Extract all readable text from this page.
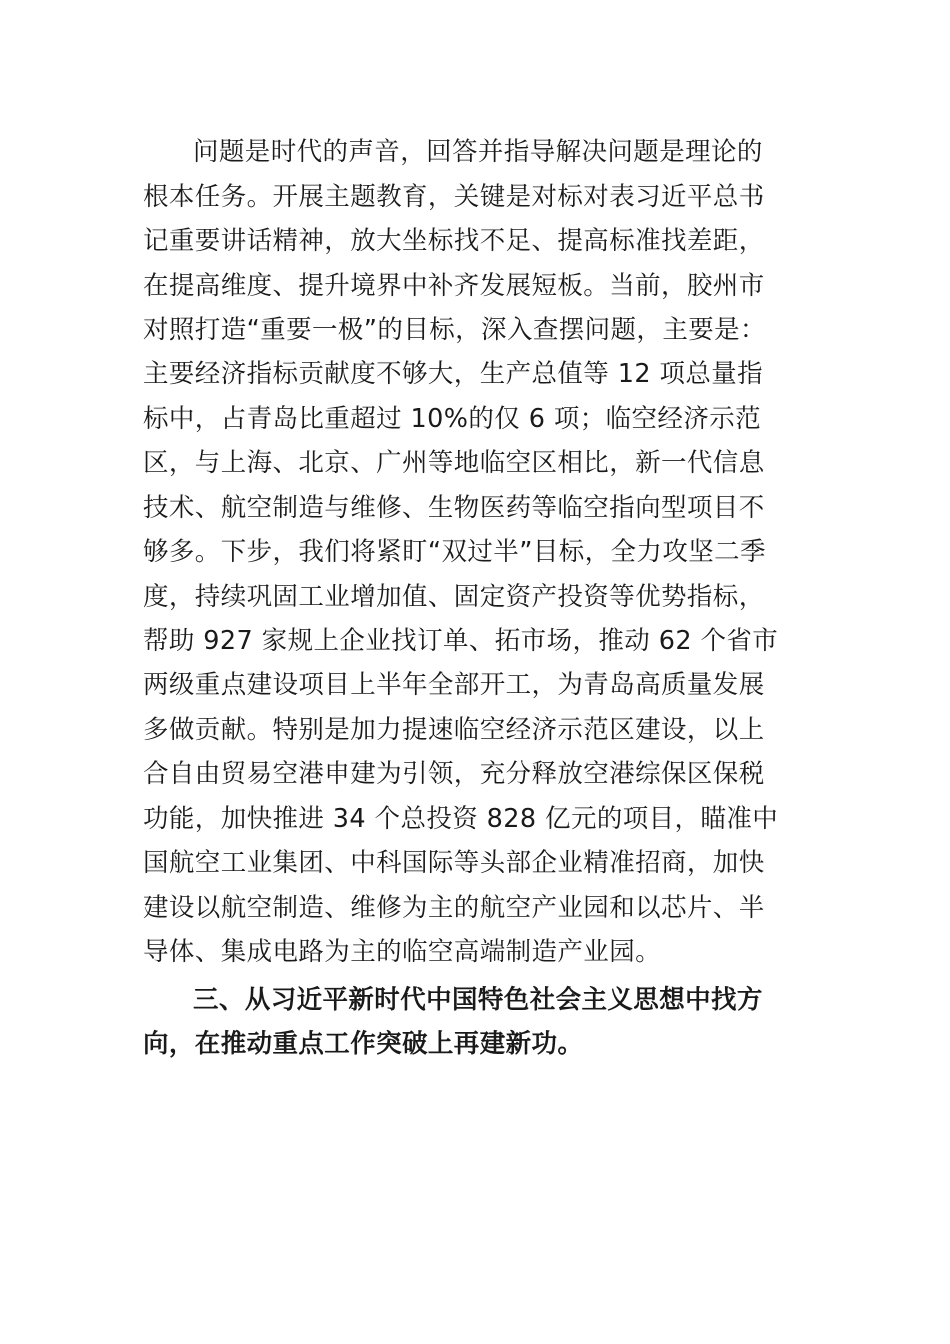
问题是时代的声音，回答并指导解决问题是理论的

根本任务。开展主题教育，关键是对标对表习近平总书

记重要讲话精神，放大坐标找不足、提高标准找差距，

在提高维度、提升境界中补齐发展短板。当前，胶州市

对照打造“重要一极”的目标，深入查摆问题，主要是：

主要经济指标贡献度不够大，生产总值等 12 项总量指

标中，占青岛比重超过 10%的仅 6 项；临空经济示范

区，与上海、北京、广州等地临空区相比，新一代信息

技术、航空制造与维修、生物医药等临空指向型项目不

够多。下步，我们将紧盯“双过半”目标，全力攻坚二季

度，持续巩固工业增加值、固定资产投资等优势指标，

帮助 927 家规上企业找订单、拓市场，推动 62 个省市

两级重点建设项目上半年全部开工，为青岛高质量发展

多做贡献。特别是加力提速临空经济示范区建设，以上

合自由贸易空港申建为引领，充分释放空港综保区保税

功能，加快推进 34 个总投资 828 亿元的项目，瞄准中

国航空工业集团、中科国际等头部企业精准招商，加快

建设以航空制造、维修为主的航空产业园和以芯片、半

导体、集成电路为主的临空高端制造产业园。

三、从习近平新时代中国特色社会主义思想中找方

向，在推动重点工作突破上再建新功。
